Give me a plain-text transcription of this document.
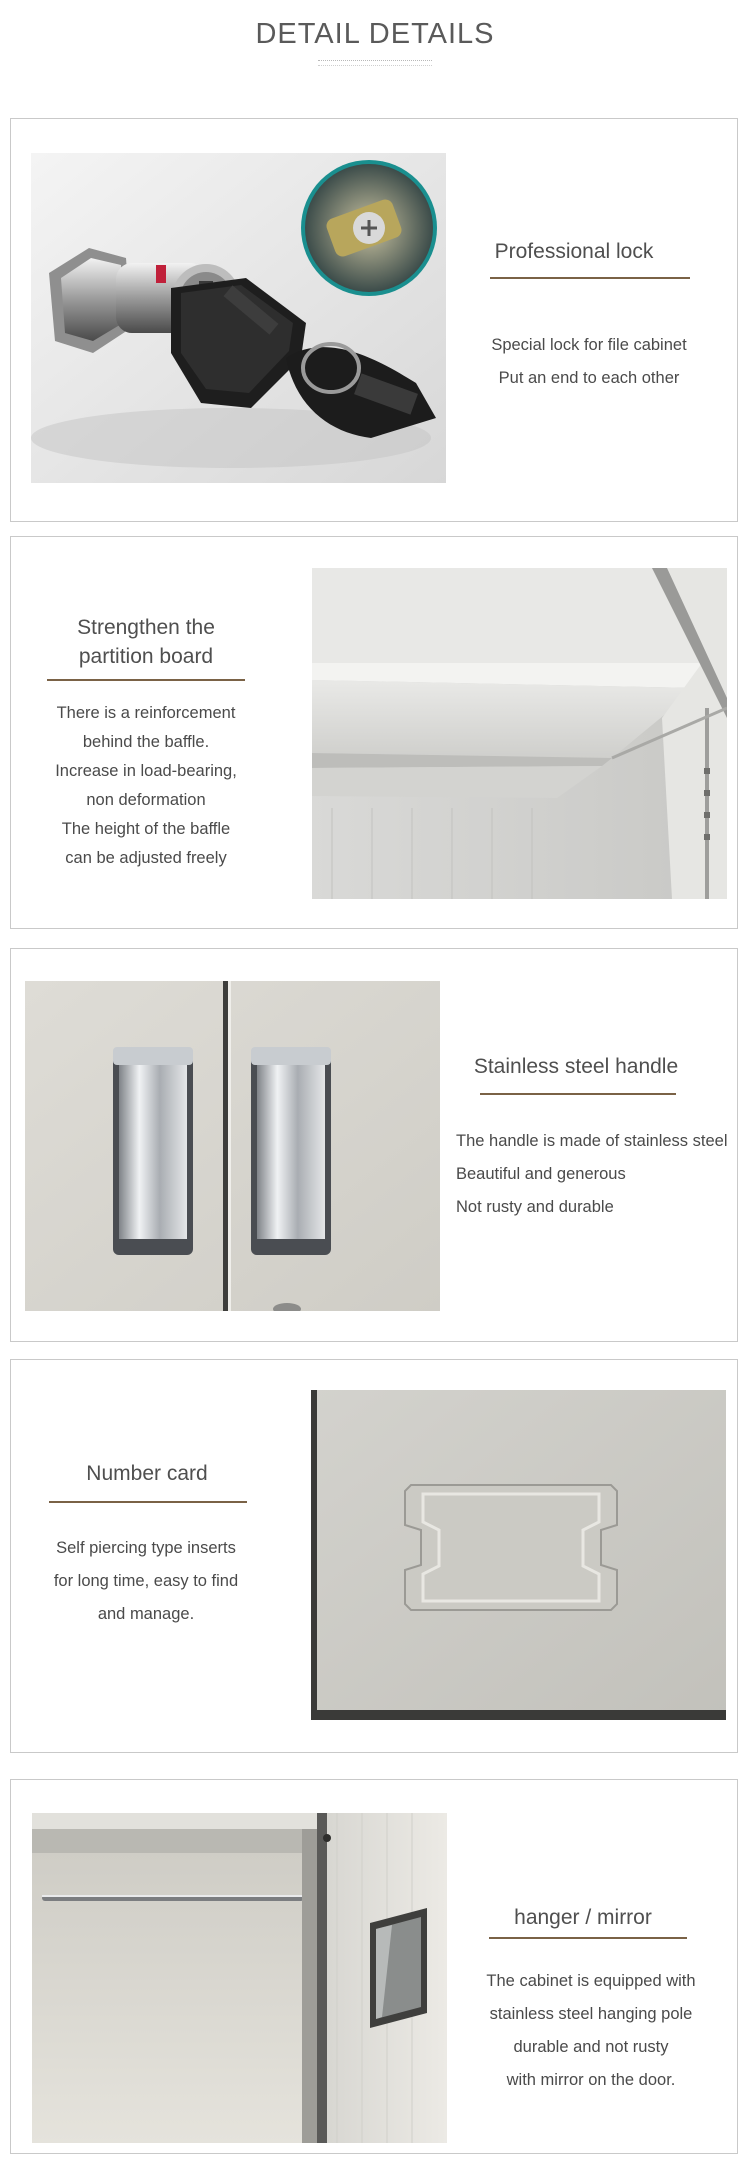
DETAIL DETAILS
Professional lock
Special lock for file cabinet
Put an end to each other
Strengthen the partition board
There is a reinforcement
behind the baffle.
Increase in load-bearing,
non deformation
The height of the baffle
can be adjusted freely
Stainless steel handle
The handle is made of stainless steel
Beautiful and generous
Not rusty and durable
Number card
Self piercing type inserts
for long time, easy to find
and manage.
hanger / mirror
The cabinet is equipped with
stainless steel hanging pole
durable and not rusty
with mirror on the door.
